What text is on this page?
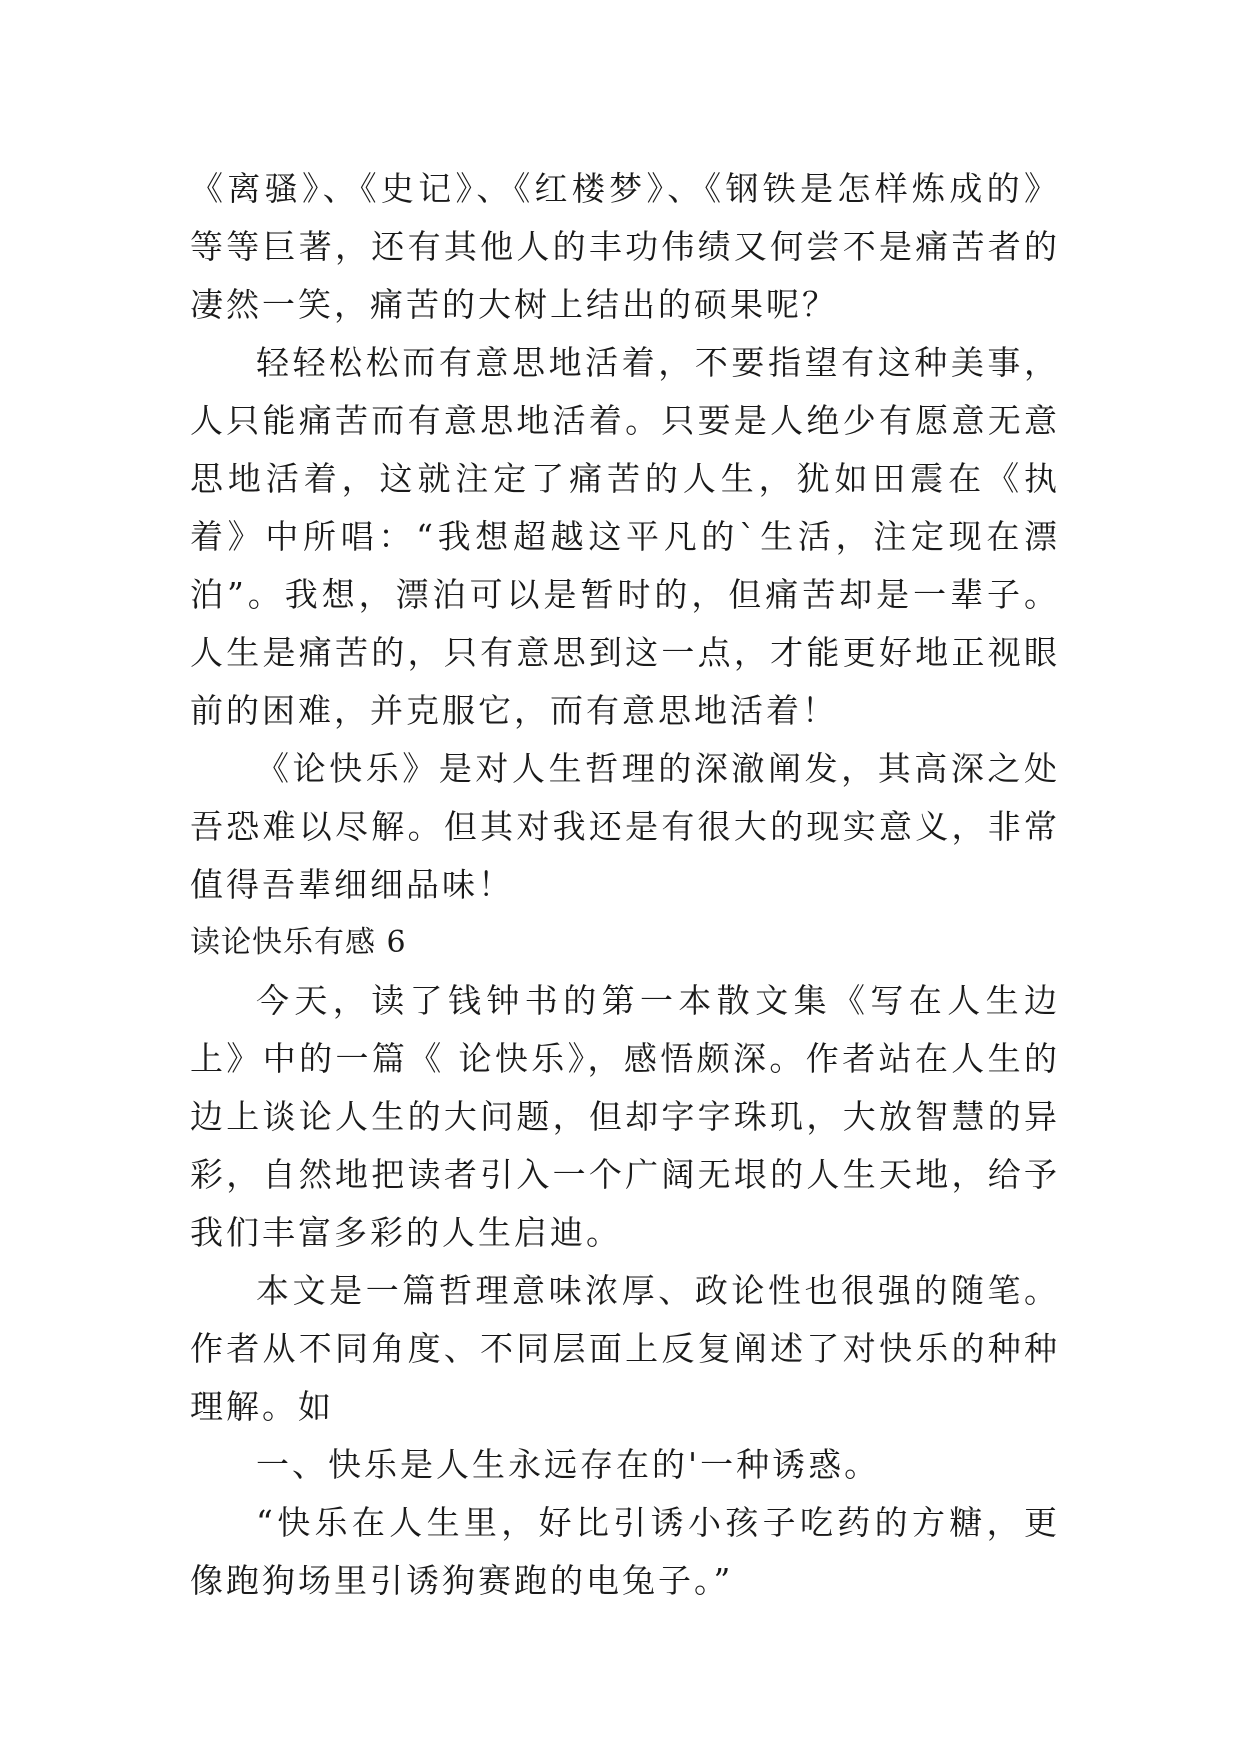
《离骚》、《史记》、《红楼梦》、《钢铁是怎样炼成的》等等巨著，还有其他人的丰功伟绩又何尝不是痛苦者的凄然一笑，痛苦的大树上结出的硕果呢？

轻轻松松而有意思地活着，不要指望有这种美事，人只能痛苦而有意思地活着。只要是人绝少有愿意无意思地活着，这就注定了痛苦的人生，犹如田震在《执着》中所唱：“我想超越这平凡的`生活，注定现在漂泊”。我想，漂泊可以是暂时的，但痛苦却是一辈子。人生是痛苦的，只有意思到这一点，才能更好地正视眼前的困难，并克服它，而有意思地活着！

《论快乐》是对人生哲理的深澈阐发，其高深之处吾恐难以尽解。但其对我还是有很大的现实意义，非常值得吾辈细细品味！

读论快乐有感 6

今天，读了钱钟书的第一本散文集《写在人生边上》中的一篇《 论快乐》，感悟颇深。作者站在人生的边上谈论人生的大问题，但却字字珠玑，大放智慧的异彩，自然地把读者引入一个广阔无垠的人生天地，给予我们丰富多彩的人生启迪。

本文是一篇哲理意味浓厚、政论性也很强的随笔。作者从不同角度、不同层面上反复阐述了对快乐的种种理解。如

一、快乐是人生永远存在的'一种诱惑。

“快乐在人生里，好比引诱小孩子吃药的方糖，更像跑狗场里引诱狗赛跑的电兔子。”
